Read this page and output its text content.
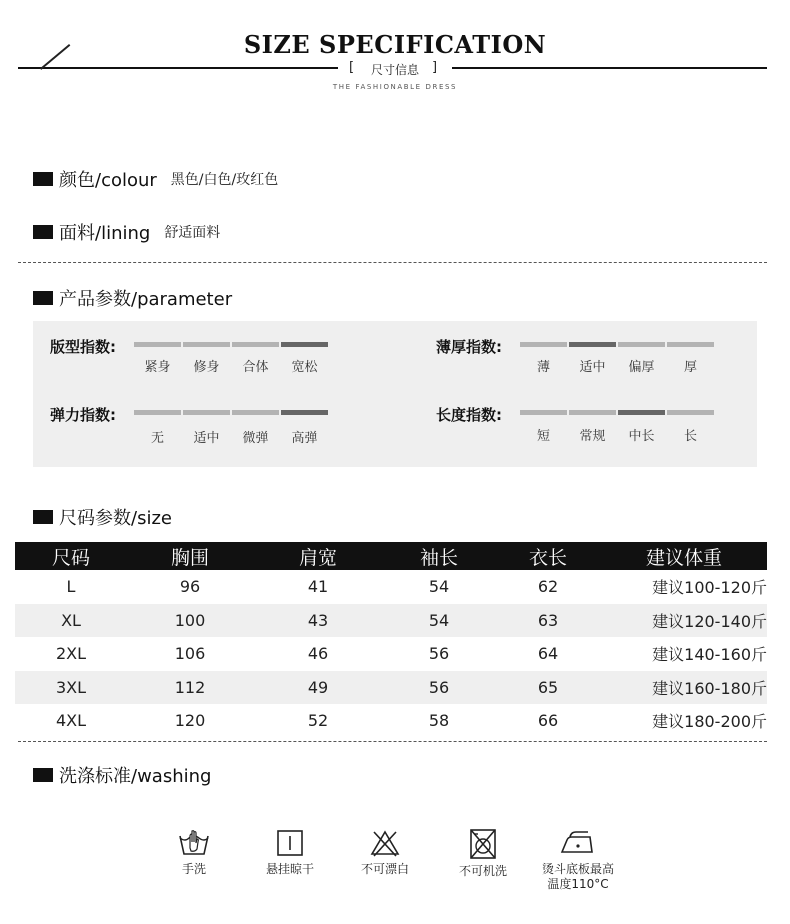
SIZE SPECIFICATION
[	尺寸信息	]
THE FASHIONABLE DRESS
颜色/colour 黑色/白色/玫红色
面料/lining 舒适面料
产品参数/parameter
版型指数:
紧身	修身	合体	宽松
薄厚指数:
薄	适中	偏厚	厚
弹力指数:
无	适中	微弹	高弹
长度指数:
短	常规	中长	长
尺码参数/size
尺码	胸围	肩宽	袖长	衣长	建议体重
L	96	41	54	62	建议100-120斤
XL	100	43	54	63	建议120-140斤
2XL	106	46	56	64	建议140-160斤
3XL	112	49	56	65	建议160-180斤
4XL	120	52	58	66	建议180-200斤
洗涤标准/washing
手洗	悬挂晾干	不可漂白	不可机洗	烫斗底板最高
温度110°C
